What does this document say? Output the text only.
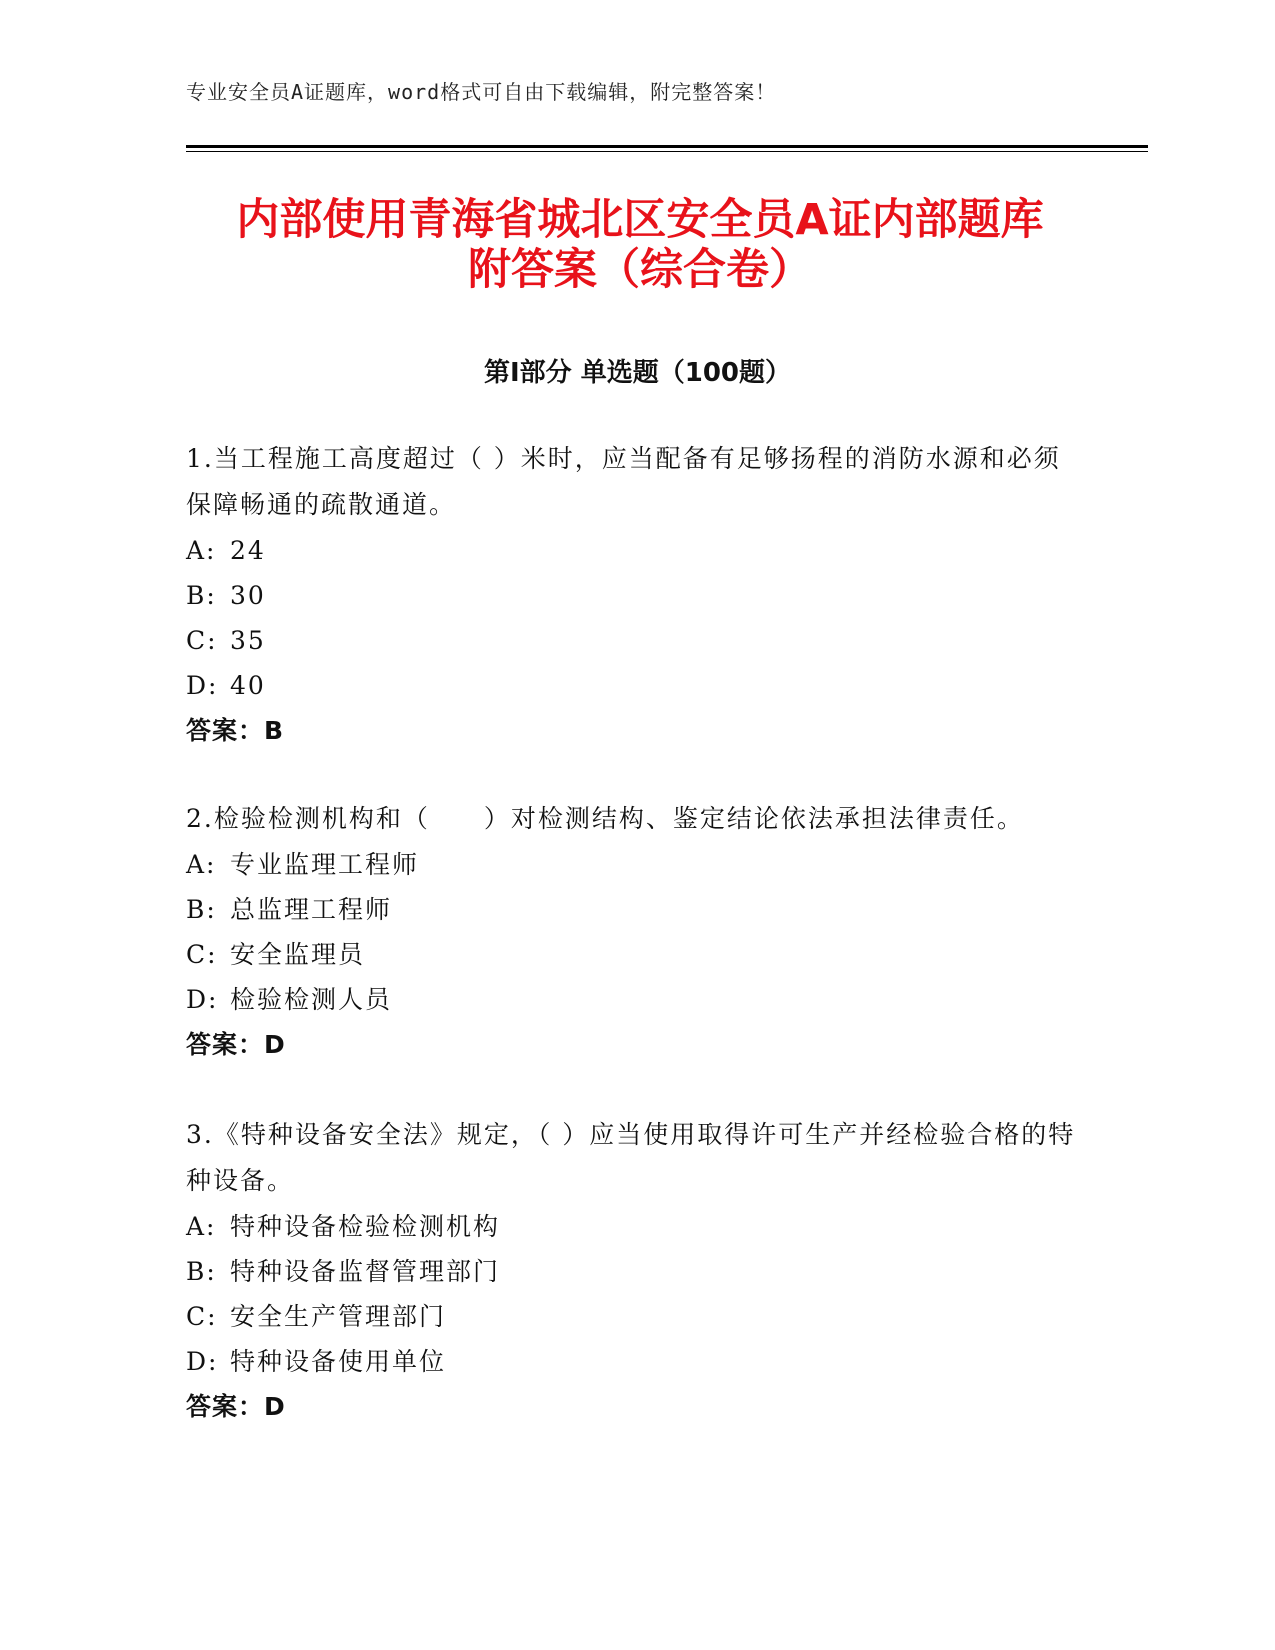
专业安全员A证题库，word格式可自由下载编辑，附完整答案！
内部使用青海省城北区安全员A证内部题库
附答案（综合卷）
第Ⅰ部分 单选题（100题）
1.当工程施工高度超过（ ）米时，应当配备有足够扬程的消防水源和必须保障畅通的疏散通道。
A: 24
B: 30
C: 35
D: 40
答案：B
2.检验检测机构和（　　）对检测结构、鉴定结论依法承担法律责任。
A: 专业监理工程师
B: 总监理工程师
C: 安全监理员
D: 检验检测人员
答案：D
3.《特种设备安全法》规定，（ ）应当使用取得许可生产并经检验合格的特种设备。
A: 特种设备检验检测机构
B: 特种设备监督管理部门
C: 安全生产管理部门
D: 特种设备使用单位
答案：D
